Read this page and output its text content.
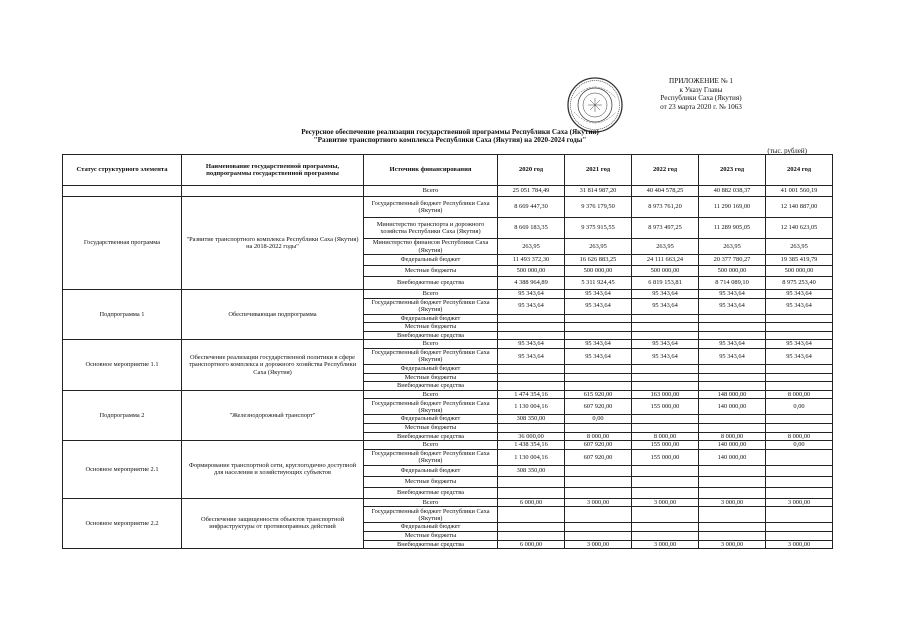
ПРИЛОЖЕНИЕ № 1
к Указу Главы
Республики Саха (Якутия)
от 23 марта 2020 г. № 1063
Ресурсное обеспечение реализации государственной программы Республики Саха (Якутия)
"Развитие транспортного комплекса Республики Саха (Якутия) на 2020-2024 годы"
(тыс. рублей)
Статус структурного элемента	Наименование государственной программы, подпрограммы государственной программы	Источник финансирования	2020 год	2021 год	2022 год	2023 год	2024 год
		Всего	25 051 784,49	31 814 987,20	40 404 578,25	40 882 038,37	41 001 560,19
Государственная программа	"Развитие транспортного комплекса Республики Саха (Якутия) на 2018-2022 годы"	Государственный бюджет Республики Саха (Якутия)	8 669 447,30	9 376 179,50	8 973 761,20	11 290 169,00	12 140 887,00
		Министерство транспорта и дорожного хозяйства Республики Саха (Якутия)	8 669 183,35	9 375 915,55	8 973 497,25	11 289 905,05	12 140 623,05
		Министерство финансов Республики Саха (Якутия)	263,95	263,95	263,95	263,95	263,95
		Федеральный бюджет	11 493 372,30	16 626 883,25	24 111 663,24	20 377 780,27	19 385 419,79
		Местные бюджеты	500 000,00	500 000,00	500 000,00	500 000,00	500 000,00
		Внебюджетные средства	4 388 964,89	5 311 924,45	6 819 153,81	8 714 089,10	8 975 253,40
Подпрограмма 1	Обеспечивающая подпрограмма	Всего	95 343,64	95 343,64	95 343,64	95 343,64	95 343,64
		Государственный бюджет Республики Саха (Якутия)	95 343,64	95 343,64	95 343,64	95 343,64	95 343,64
		Федеральный бюджет					
		Местные бюджеты					
		Внебюджетные средства					
Основное мероприятие 1.1	Обеспечение реализации государственной политики в сфере транспортного комплекса и дорожного хозяйства Республики Саха (Якутия)	Всего	95 343,64	95 343,64	95 343,64	95 343,64	95 343,64
		Государственный бюджет Республики Саха (Якутия)	95 343,64	95 343,64	95 343,64	95 343,64	95 343,64
		Федеральный бюджет					
		Местные бюджеты					
		Внебюджетные средства					
Подпрограмма 2	"Железнодорожный транспорт"	Всего	1 474 354,16	615 920,00	163 000,00	148 000,00	8 000,00
		Государственный бюджет Республики Саха (Якутия)	1 130 004,16	607 920,00	155 000,00	140 000,00	0,00
		Федеральный бюджет	308 350,00	0,00			
		Местные бюджеты					
		Внебюджетные средства	36 000,00	8 000,00	8 000,00	8 000,00	8 000,00
Основное мероприятие 2.1	Формирование транспортной сети, круглогодично доступной для населения и хозяйствующих субъектов	Всего	1 438 354,16	607 920,00	155 000,00	140 000,00	0,00
		Государственный бюджет Республики Саха (Якутия)	1 130 004,16	607 920,00	155 000,00	140 000,00	
		Федеральный бюджет	308 350,00				
		Местные бюджеты					
		Внебюджетные средства					
Основное мероприятие 2.2	Обеспечение защищенности объектов транспортной инфраструктуры от противоправных действий	Всего	6 000,00	3 000,00	3 000,00	3 000,00	3 000,00
		Государственный бюджет Республики Саха (Якутия)					
		Федеральный бюджет					
		Местные бюджеты					
		Внебюджетные средства	6 000,00	3 000,00	3 000,00	3 000,00	3 000,00
